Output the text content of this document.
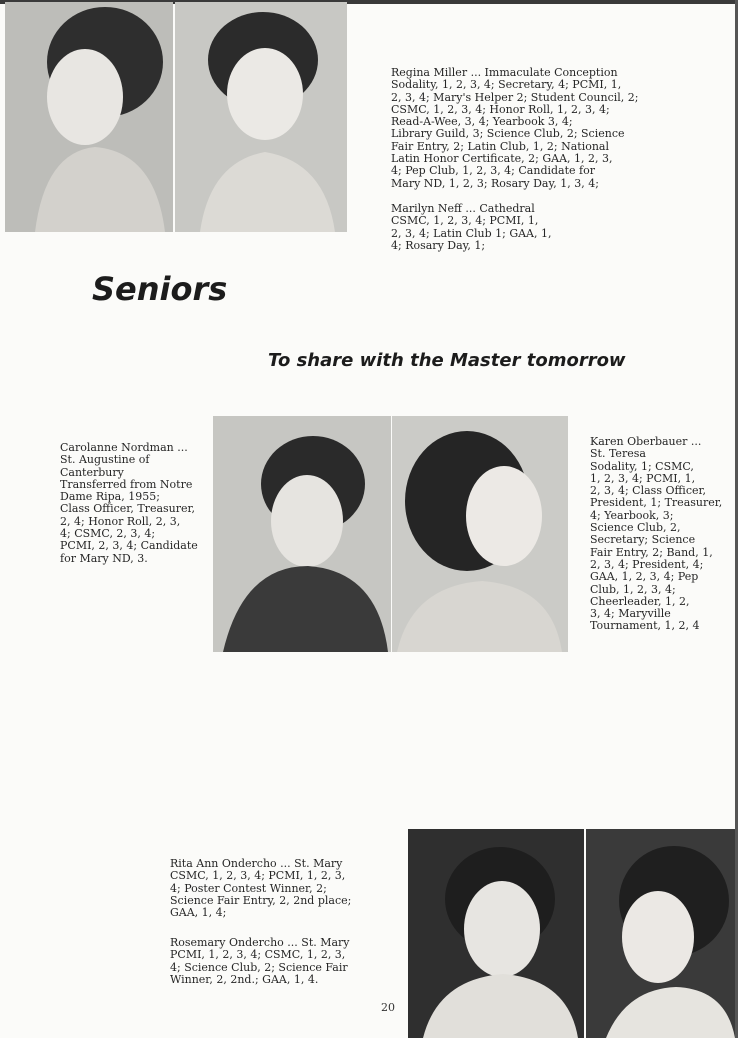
Regina Miller ... Immaculate Conception
Sodality, 1, 2, 3, 4; Secretary, 4; PCMI, 1,
2, 3, 4; Mary's Helper 2; Student Council, 2;
CSMC, 1, 2, 3, 4; Honor Roll, 1, 2, 3, 4;
Read-A-Wee, 3, 4; Yearbook 3, 4;
Library Guild, 3; Science Club, 2; Science
Fair Entry, 2; Latin Club, 1, 2; National
Latin Honor Certificate, 2; GAA, 1, 2, 3,
4; Pep Club, 1, 2, 3, 4; Candidate for
Mary ND, 1, 2, 3; Rosary Day, 1, 3, 4;
Marilyn Neff ... Cathedral
CSMC, 1, 2, 3, 4; PCMI, 1,
2, 3, 4; Latin Club 1; GAA, 1,
4; Rosary Day, 1;
Seniors
To share with the Master tomorrow
Carolanne Nordman ...
St. Augustine of
Canterbury
Transferred from Notre
Dame Ripa, 1955;
Class Officer, Treasurer,
2, 4; Honor Roll, 2, 3,
4; CSMC, 2, 3, 4;
PCMI, 2, 3, 4; Candidate
for Mary ND, 3.
Karen Oberbauer ...
St. Teresa
Sodality, 1; CSMC,
1, 2, 3, 4; PCMI, 1,
2, 3, 4; Class Officer,
President, 1; Treasurer,
4; Yearbook, 3;
Science Club, 2,
Secretary; Science
Fair Entry, 2; Band, 1,
2, 3, 4; President, 4;
GAA, 1, 2, 3, 4; Pep
Club, 1, 2, 3, 4;
Cheerleader, 1, 2,
3, 4; Maryville
Tournament, 1, 2, 4
Rita Ann Ondercho ... St. Mary
CSMC, 1, 2, 3, 4; PCMI, 1, 2, 3,
4; Poster Contest Winner, 2;
Science Fair Entry, 2, 2nd place;
GAA, 1, 4;
Rosemary Ondercho ... St. Mary
PCMI, 1, 2, 3, 4; CSMC, 1, 2, 3,
4; Science Club, 2; Science Fair
Winner, 2, 2nd.; GAA, 1, 4.
20
